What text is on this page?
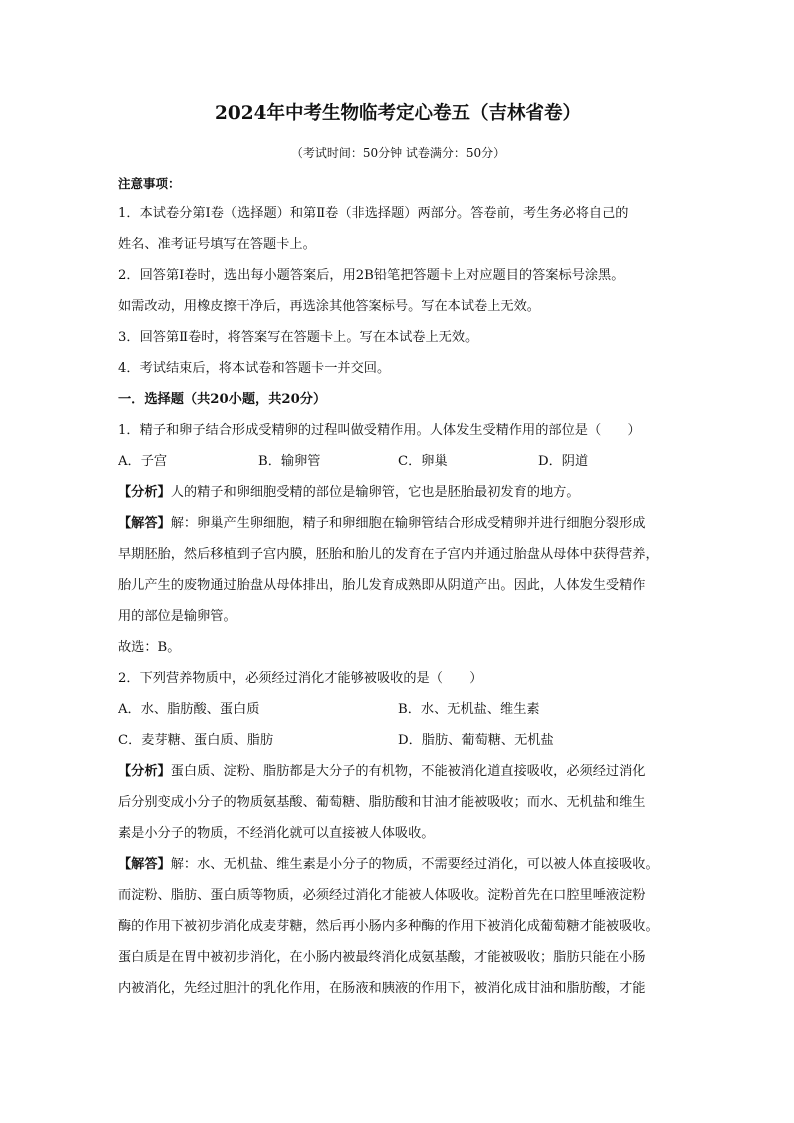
2024年中考生物临考定心卷五（吉林省卷）
（考试时间：50分钟 试卷满分：50分）
注意事项：
1．本试卷分第Ⅰ卷（选择题）和第Ⅱ卷（非选择题）两部分。答卷前，考生务必将自己的
姓名、准考证号填写在答题卡上。
2．回答第Ⅰ卷时，选出每小题答案后，用2B铅笔把答题卡上对应题目的答案标号涂黑。
如需改动，用橡皮擦干净后，再选涂其他答案标号。写在本试卷上无效。
3．回答第Ⅱ卷时，将答案写在答题卡上。写在本试卷上无效。
4．考试结束后，将本试卷和答题卡一并交回。
一．选择题（共20小题，共20分）
1．精子和卵子结合形成受精卵的过程叫做受精作用。人体发生受精作用的部位是（　　）
A．子宫	B．输卵管	C．卵巢	D．阴道
【分析】人的精子和卵细胞受精的部位是输卵管，它也是胚胎最初发育的地方。
【解答】解：卵巢产生卵细胞，精子和卵细胞在输卵管结合形成受精卵并进行细胞分裂形成
早期胚胎，然后移植到子宫内膜，胚胎和胎儿的发育在子宫内并通过胎盘从母体中获得营养，
胎儿产生的废物通过胎盘从母体排出，胎儿发育成熟即从阴道产出。因此，人体发生受精作
用的部位是输卵管。
故选：B。
2．下列营养物质中，必须经过消化才能够被吸收的是（　　）
A．水、脂肪酸、蛋白质	B．水、无机盐、维生素
C．麦芽糖、蛋白质、脂肪	D．脂肪、葡萄糖、无机盐
【分析】蛋白质、淀粉、脂肪都是大分子的有机物，不能被消化道直接吸收，必须经过消化
后分别变成小分子的物质氨基酸、葡萄糖、脂肪酸和甘油才能被吸收；而水、无机盐和维生
素是小分子的物质，不经消化就可以直接被人体吸收。
【解答】解：水、无机盐、维生素是小分子的物质，不需要经过消化，可以被人体直接吸收。
而淀粉、脂肪、蛋白质等物质，必须经过消化才能被人体吸收。淀粉首先在口腔里唾液淀粉
酶的作用下被初步消化成麦芽糖，然后再小肠内多种酶的作用下被消化成葡萄糖才能被吸收。
蛋白质是在胃中被初步消化，在小肠内被最终消化成氨基酸，才能被吸收；脂肪只能在小肠
内被消化，先经过胆汁的乳化作用，在肠液和胰液的作用下，被消化成甘油和脂肪酸，才能
